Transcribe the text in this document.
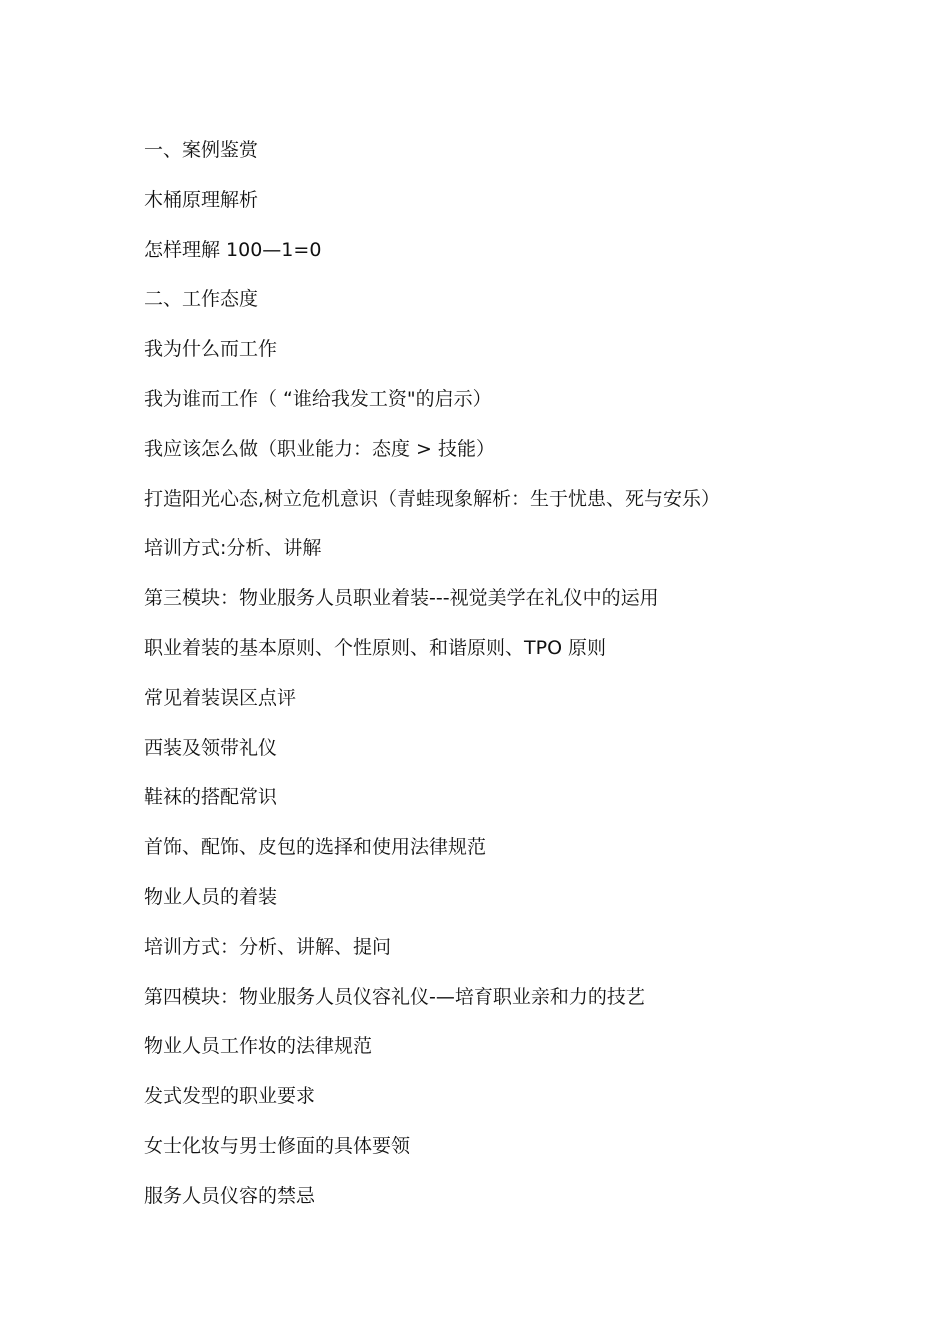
一、案例鉴赏
木桶原理解析
怎样理解 100—1=0
二、工作态度
我为什么而工作
我为谁而工作（ “谁给我发工资"的启示）
我应该怎么做（职业能力：态度 > 技能）
打造阳光心态,树立危机意识（青蛙现象解析：生于忧患、死与安乐）
培训方式:分析、讲解
第三模块：物业服务人员职业着装---视觉美学在礼仪中的运用
职业着装的基本原则、个性原则、和谐原则、TPO 原则
常见着装误区点评
西装及领带礼仪
鞋袜的搭配常识
首饰、配饰、皮包的选择和使用法律规范
物业人员的着装
培训方式：分析、讲解、提问
第四模块：物业服务人员仪容礼仪-—培育职业亲和力的技艺
物业人员工作妆的法律规范
发式发型的职业要求
女士化妆与男士修面的具体要领
服务人员仪容的禁忌
